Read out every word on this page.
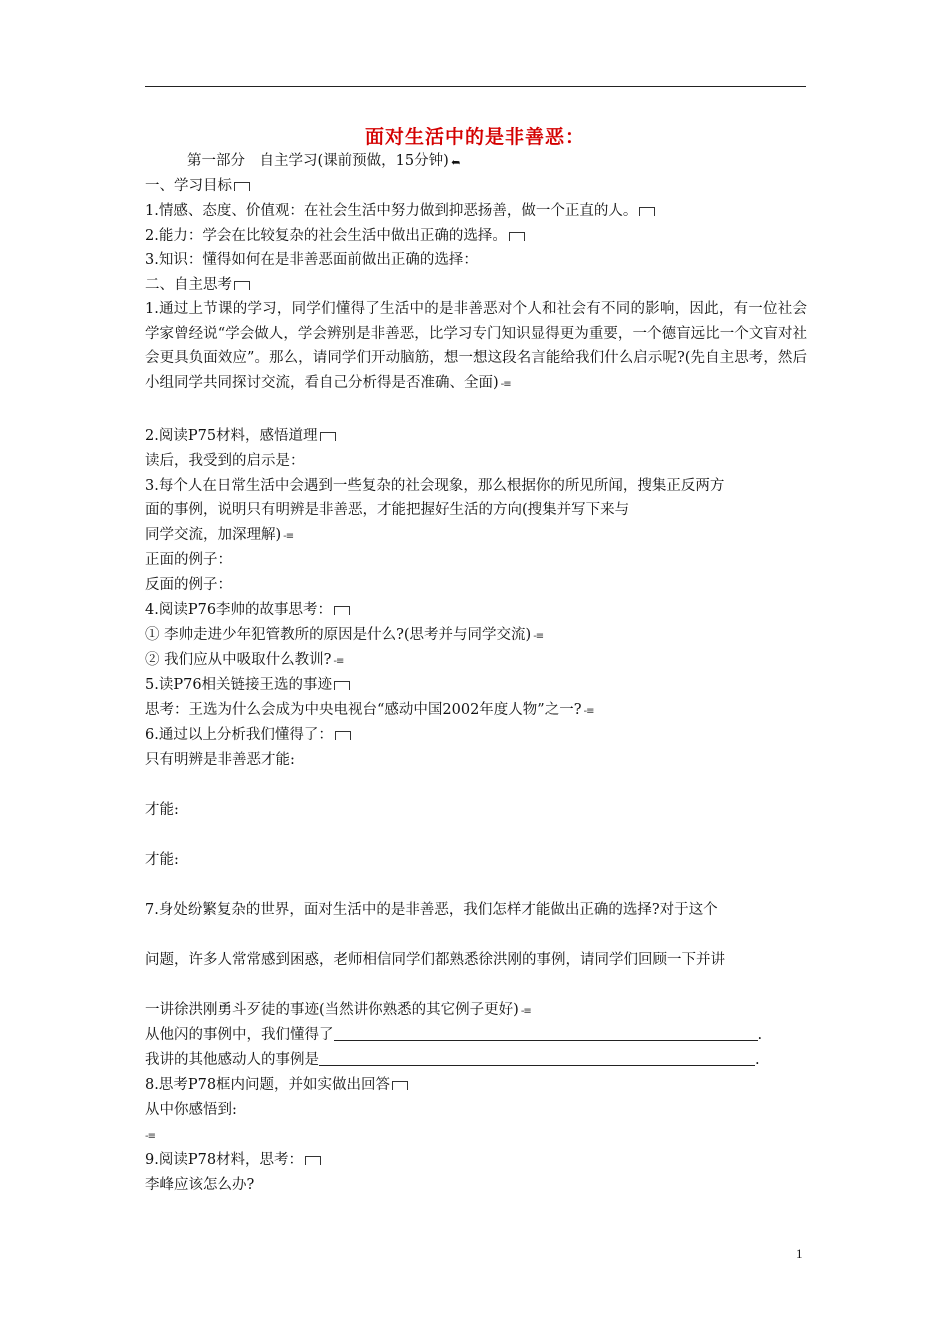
面对生活中的是非善恶：
第一部分　自主学习(课前预做，15分钟) ➥
一、学习目标
1.情感、态度、价值观：在社会生活中努力做到抑恶扬善，做一个正直的人。
2.能力：学会在比较复杂的社会生活中做出正确的选择。
3.知识：懂得如何在是非善恶面前做出正确的选择：
二、自主思考
1.通过上节课的学习，同学们懂得了生活中的是非善恶对个人和社会有不同的影响，因此，有一位社会学家曾经说“学会做人，学会辨别是非善恶，比学习专门知识显得更为重要，一个德盲远比一个文盲对社会更具负面效应”。那么，请同学们开动脑筋，想一想这段名言能给我们什么启示呢?(先自主思考，然后小组同学共同探讨交流，看自己分析得是否准确、全面) -≡
2.阅读P75材料，感悟道理
读后，我受到的启示是：
3.每个人在日常生活中会遇到一些复杂的社会现象，那么根据你的所见所闻，搜集正反两方
面的事例，说明只有明辨是非善恶，才能把握好生活的方向(搜集并写下来与
同学交流，加深理解) -≡
正面的例子：
反面的例子：
4.阅读P76李帅的故事思考：
① 李帅走进少年犯管教所的原因是什么?(思考并与同学交流) -≡
② 我们应从中吸取什么教训? -≡
5.读P76相关链接王选的事迹
思考：王选为什么会成为中央电视台“感动中国2002年度人物”之一? -≡
6.通过以上分析我们懂得了：
只有明辨是非善恶才能:
才能:
才能:
7.身处纷繁复杂的世界，面对生活中的是非善恶，我们怎样才能做出正确的选择?对于这个
问题，许多人常常感到困惑，老师相信同学们都熟悉徐洪刚的事例，请同学们回顾一下并讲
一讲徐洪刚勇斗歹徒的事迹(当然讲你熟悉的其它例子更好) -≡
从他闪的事例中，我们懂得了	.
我讲的其他感动人的事例是	.
8.思考P78框内问题，并如实做出回答
从中你感悟到:
-≡
9.阅读P78材料，思考：
李峰应该怎么办?
1
